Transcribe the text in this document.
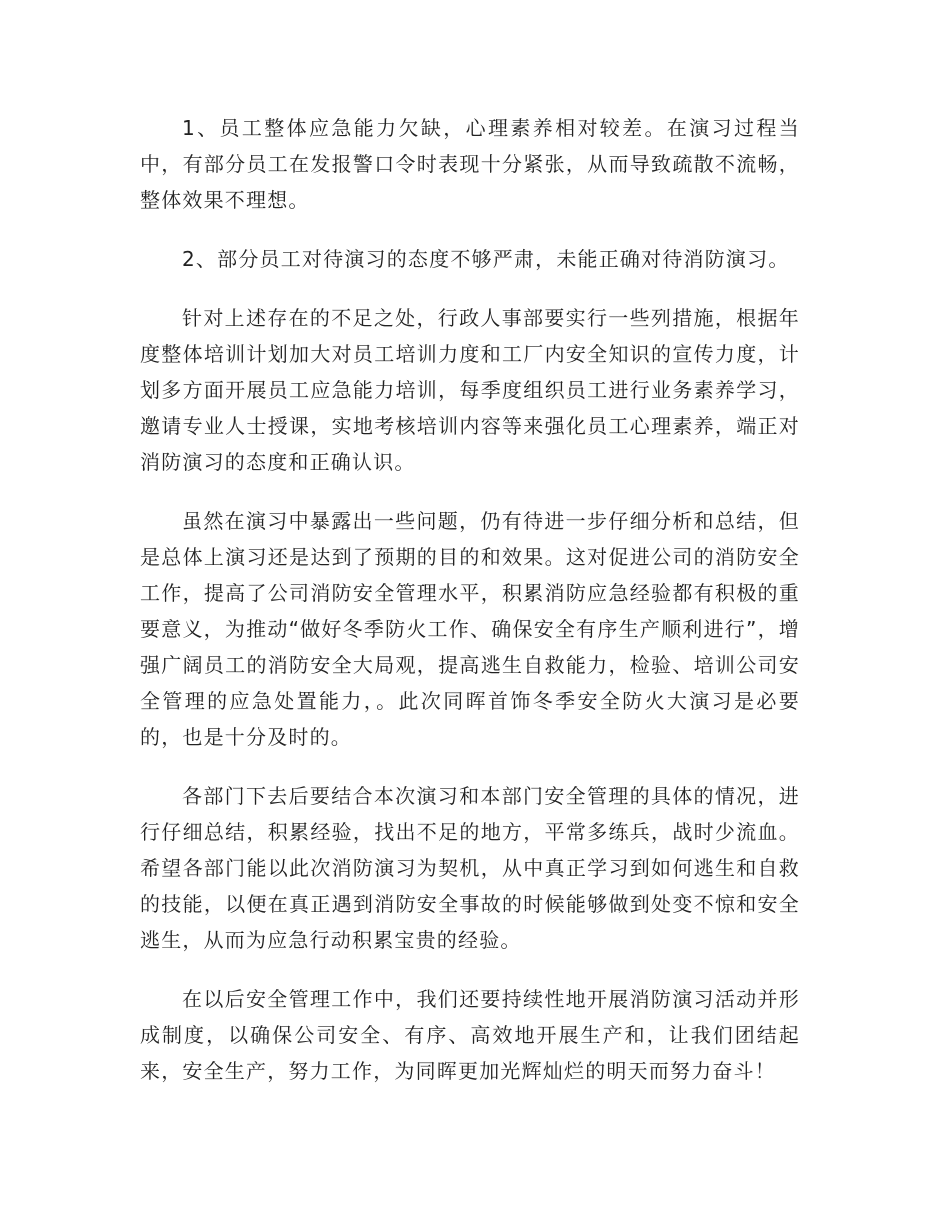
1、员工整体应急能力欠缺，心理素养相对较差。在演习过程当中，有部分员工在发报警口令时表现十分紧张，从而导致疏散不流畅，整体效果不理想。

2、部分员工对待演习的态度不够严肃，未能正确对待消防演习。

针对上述存在的不足之处，行政人事部要实行一些列措施，根据年度整体培训计划加大对员工培训力度和工厂内安全知识的宣传力度，计划多方面开展员工应急能力培训，每季度组织员工进行业务素养学习，邀请专业人士授课，实地考核培训内容等来强化员工心理素养，端正对消防演习的态度和正确认识。

虽然在演习中暴露出一些问题，仍有待进一步仔细分析和总结，但是总体上演习还是达到了预期的目的和效果。这对促进公司的消防安全工作，提高了公司消防安全管理水平，积累消防应急经验都有积极的重要意义，为推动“做好冬季防火工作、确保安全有序生产顺利进行”，增强广阔员工的消防安全大局观，提高逃生自救能力，检验、培训公司安全管理的应急处置能力，。此次同晖首饰冬季安全防火大演习是必要的，也是十分及时的。

各部门下去后要结合本次演习和本部门安全管理的具体的情况，进行仔细总结，积累经验，找出不足的地方，平常多练兵，战时少流血。希望各部门能以此次消防演习为契机，从中真正学习到如何逃生和自救的技能，以便在真正遇到消防安全事故的时候能够做到处变不惊和安全逃生，从而为应急行动积累宝贵的经验。

在以后安全管理工作中，我们还要持续性地开展消防演习活动并形成制度，以确保公司安全、有序、高效地开展生产和，让我们团结起来，安全生产，努力工作，为同晖更加光辉灿烂的明天而努力奋斗！
